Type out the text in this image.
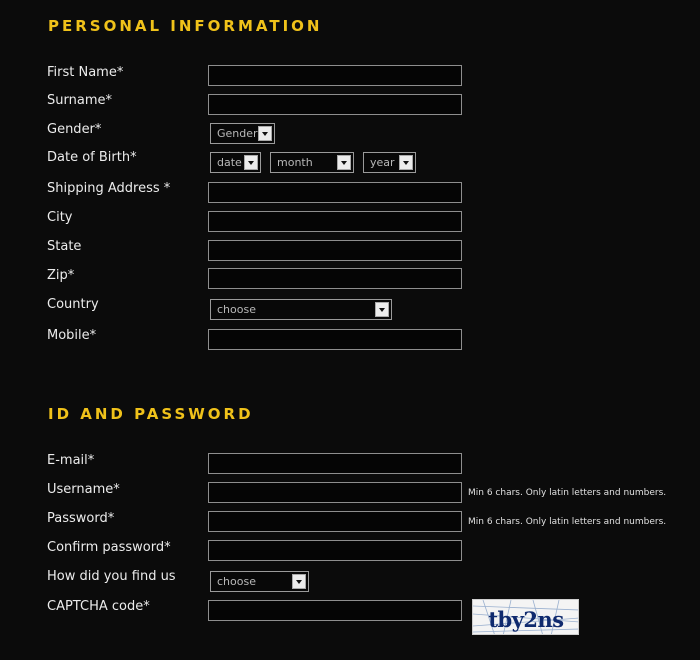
PERSONAL INFORMATION
First Name*
Surname*
Gender*	Gender
Date of Birth*	date	month	year
Shipping Address *
City
State
Zip*
Country	choose
Mobile*
ID AND PASSWORD
E-mail*
Username*	Min 6 chars. Only latin letters and numbers.
Password*	Min 6 chars. Only latin letters and numbers.
Confirm password*
How did you find us	choose
CAPTCHA code*
tby2ns
